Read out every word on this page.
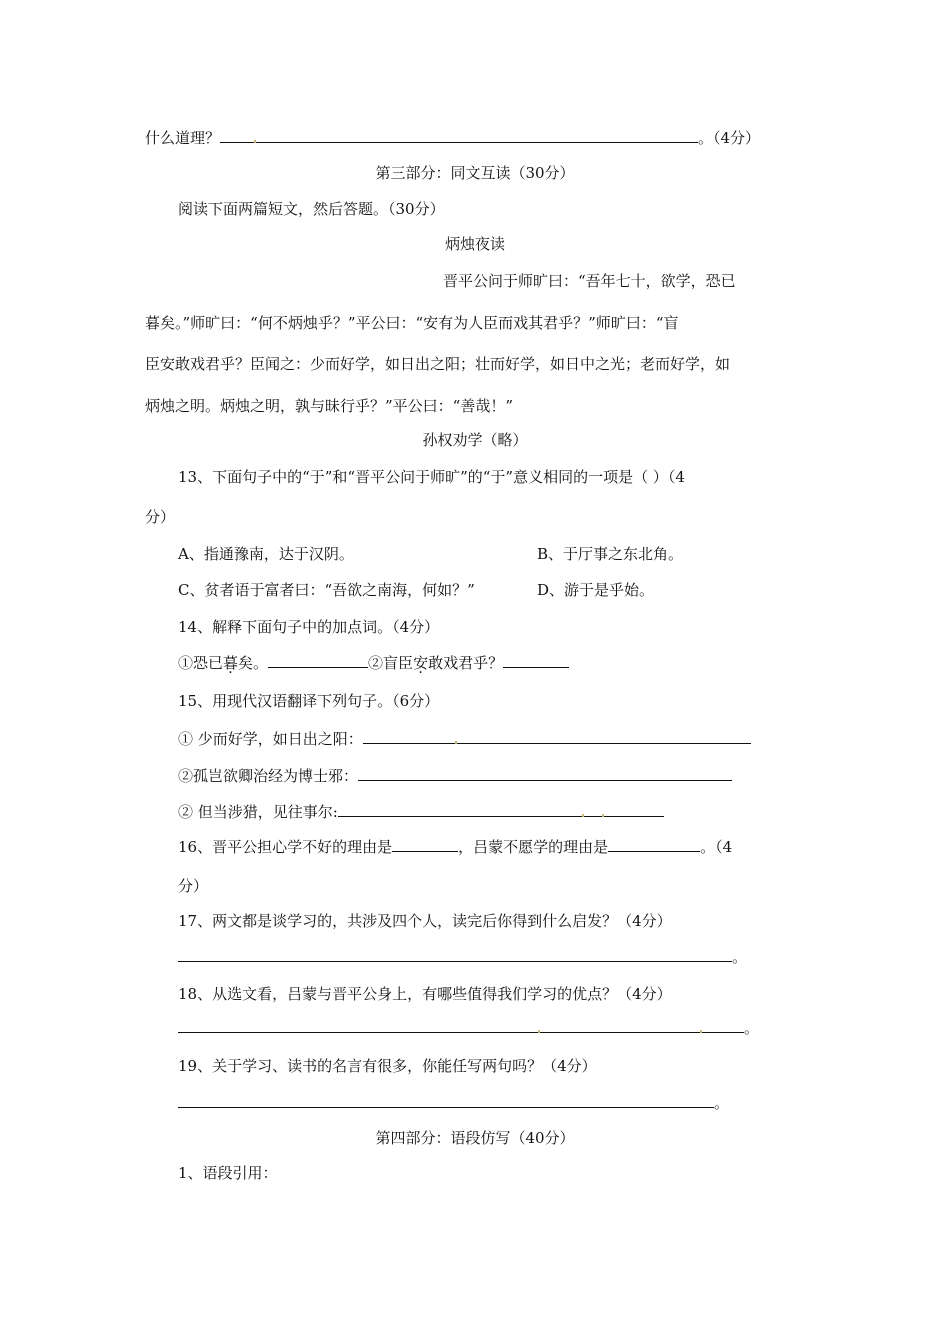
什么道理？	。（4分）
第三部分：同文互读（30分）
阅读下面两篇短文，然后答题。（30分）
炳烛夜读
晋平公问于师旷曰：“吾年七十，欲学，恐已
暮矣。”师旷曰：“何不炳烛乎？”平公曰：“安有为人臣而戏其君乎？”师旷曰：“盲
臣安敢戏君乎？臣闻之：少而好学，如日出之阳；壮而好学，如日中之光；老而好学，如
炳烛之明。炳烛之明，孰与昧行乎？”平公曰：“善哉！”
孙权劝学（略）
13、下面句子中的“于”和“晋平公问于师旷”的“于”意义相同的一项是（ ）（4
分）
A、指通豫南，达于汉阴。	B、于厅事之东北角。
C、贫者语于富者曰：“吾欲之南海，何如？”	D、游于是乎始。
14、解释下面句子中的加点词。（4分）
①恐已暮矣。	②盲臣安敢戏君乎？
15、用现代汉语翻译下列句子。（6分）
① 少而好学，如日出之阳：
②孤岂欲卿治经为博士邪：
② 但当涉猎，见往事尔:
16、晋平公担心学不好的理由是	，吕蒙不愿学的理由是	。（4
分）
17、两文都是谈学习的，共涉及四个人，读完后你得到什么启发？（4分）
。
18、从选文看，吕蒙与晋平公身上，有哪些值得我们学习的优点？（4分）
。
19、关于学习、读书的名言有很多，你能任写两句吗？（4分）
。
第四部分：语段仿写（40分）
1、语段引用：
